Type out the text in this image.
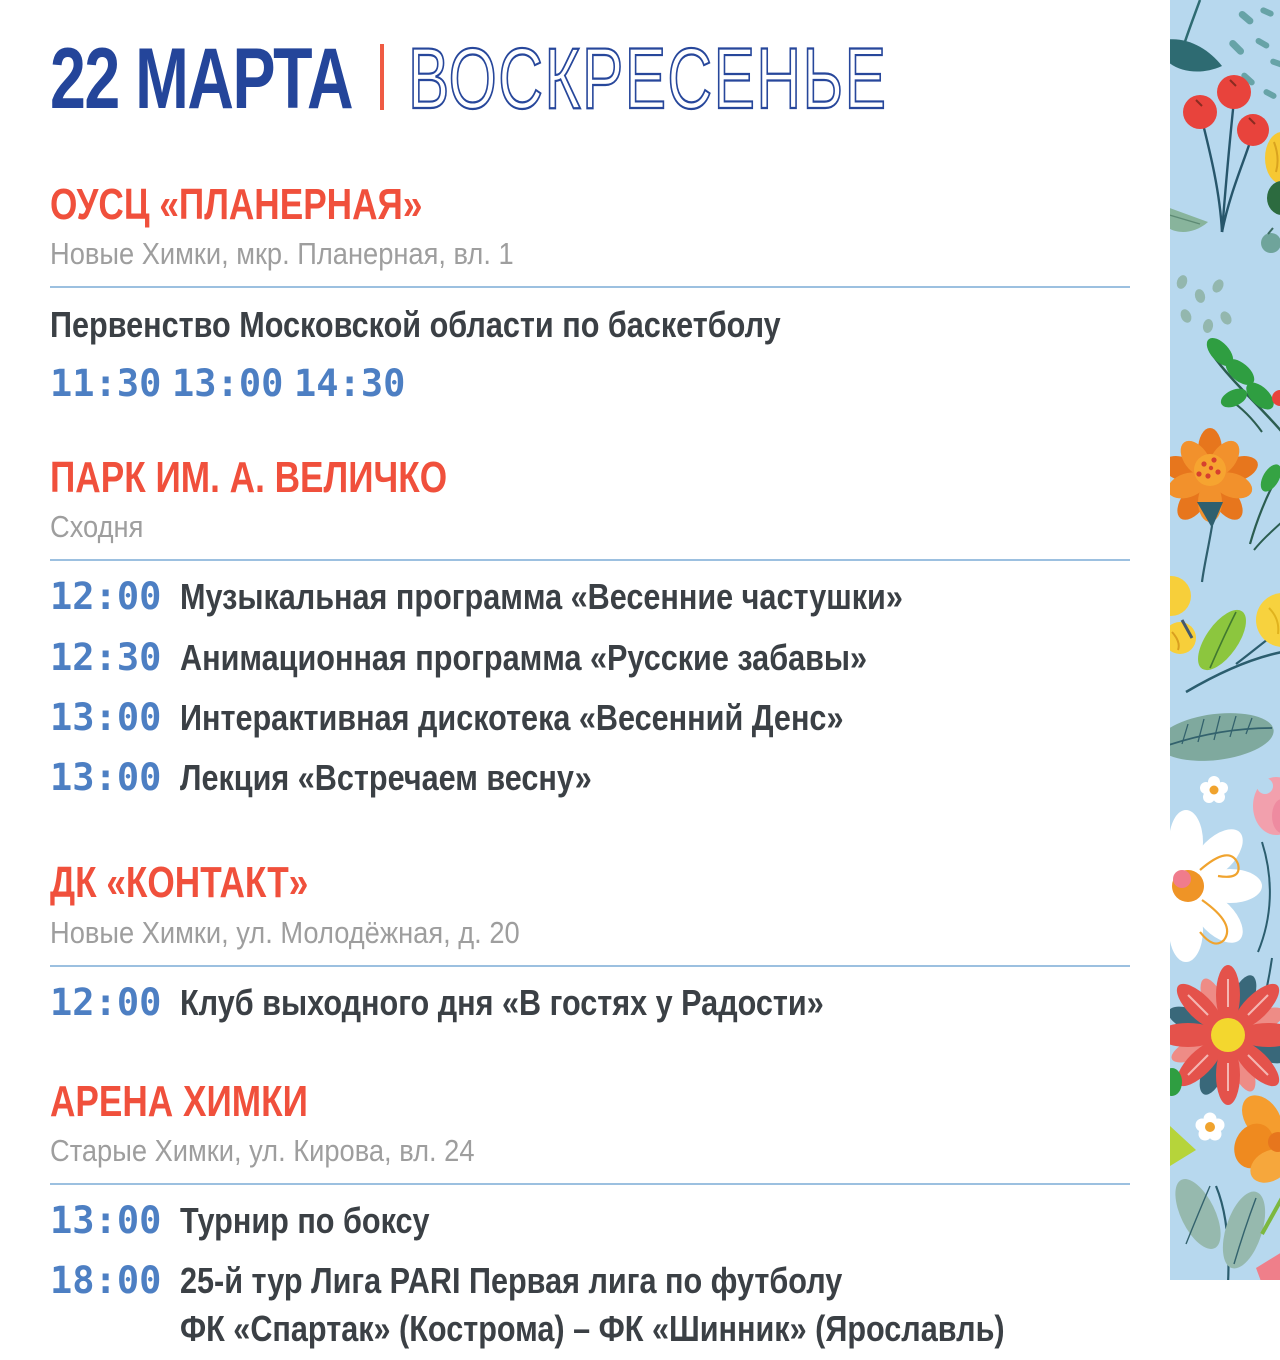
22 МАРТА ВОСКРЕСЕНЬЕ
ОУСЦ «ПЛАНЕРНАЯ»
Новые Химки, мкр. Планерная, вл. 1
Первенство Московской области по баскетболу
11:30 13:00 14:30
ПАРК ИМ. А. ВЕЛИЧКО
Сходня
12:00 Музыкальная программа «Весенние частушки»
12:30 Анимационная программа «Русские забавы»
13:00 Интерактивная дискотека «Весенний Денс»
13:00 Лекция «Встречаем весну»
ДК «КОНТАКТ»
Новые Химки, ул. Молодёжная, д. 20
12:00 Клуб выходного дня «В гостях у Радости»
АРЕНА ХИМКИ
Старые Химки, ул. Кирова, вл. 24
13:00 Турнир по боксу
18:00 25-й тур Лига PARI Первая лига по футболу
ФК «Спартак» (Кострома) – ФК «Шинник» (Ярославль)
